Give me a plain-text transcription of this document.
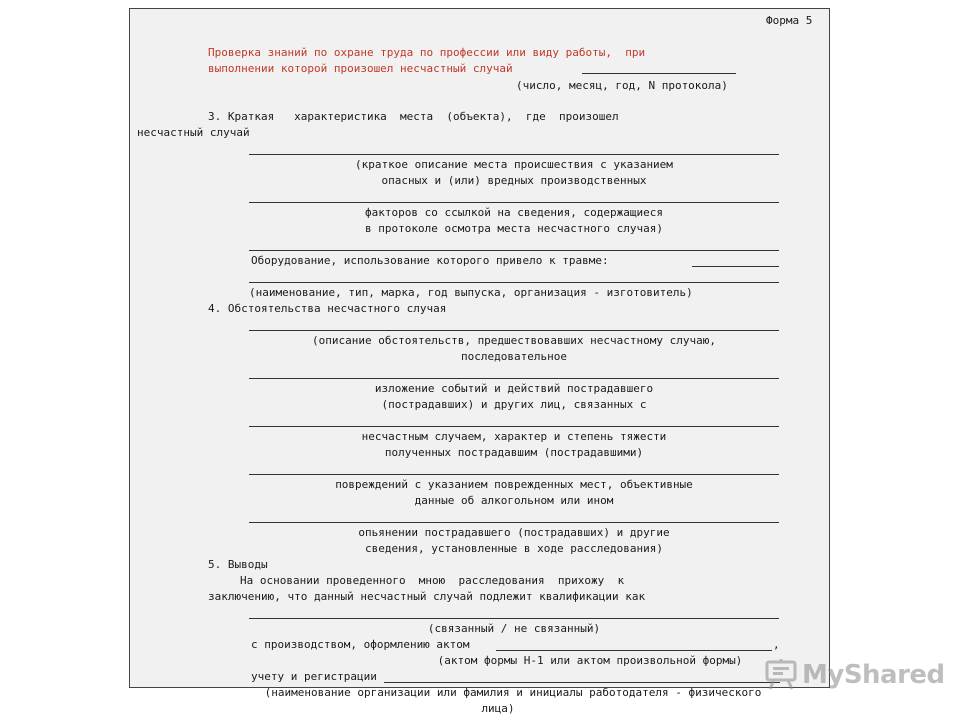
Форма 5
Проверка знаний по охране труда по профессии или виду работы,  при
выполнении которой произошел несчастный случай
(число, месяц, год, N протокола)
3. Краткая   характеристика  места  (объекта),  где  произошел
несчастный случай
(краткое описание места происшествия с указанием
опасных и (или) вредных производственных
факторов со ссылкой на сведения, содержащиеся
в протоколе осмотра места несчастного случая)
Оборудование, использование которого привело к травме:
(наименование, тип, марка, год выпуска, организация - изготовитель)
4. Обстоятельства несчастного случая
(описание обстоятельств, предшествовавших несчастному случаю,
последовательное
изложение событий и действий пострадавшего
(пострадавших) и других лиц, связанных с
несчастным случаем, характер и степень тяжести
полученных пострадавшим (пострадавшими)
повреждений с указанием поврежденных мест, объективные
данные об алкогольном или ином
опьянении пострадавшего (пострадавших) и другие
сведения, установленные в ходе расследования)
5. Выводы
На основании проведенного  мною  расследования  прихожу  к
заключению, что данный несчастный случай подлежит квалификации как
(связанный / не связанный)
с производством, оформлению актом	,
(актом формы Н-1 или актом произвольной формы)
учету и регистрации
(наименование организации или фамилия и инициалы работодателя - физического
лица)
MyShared
